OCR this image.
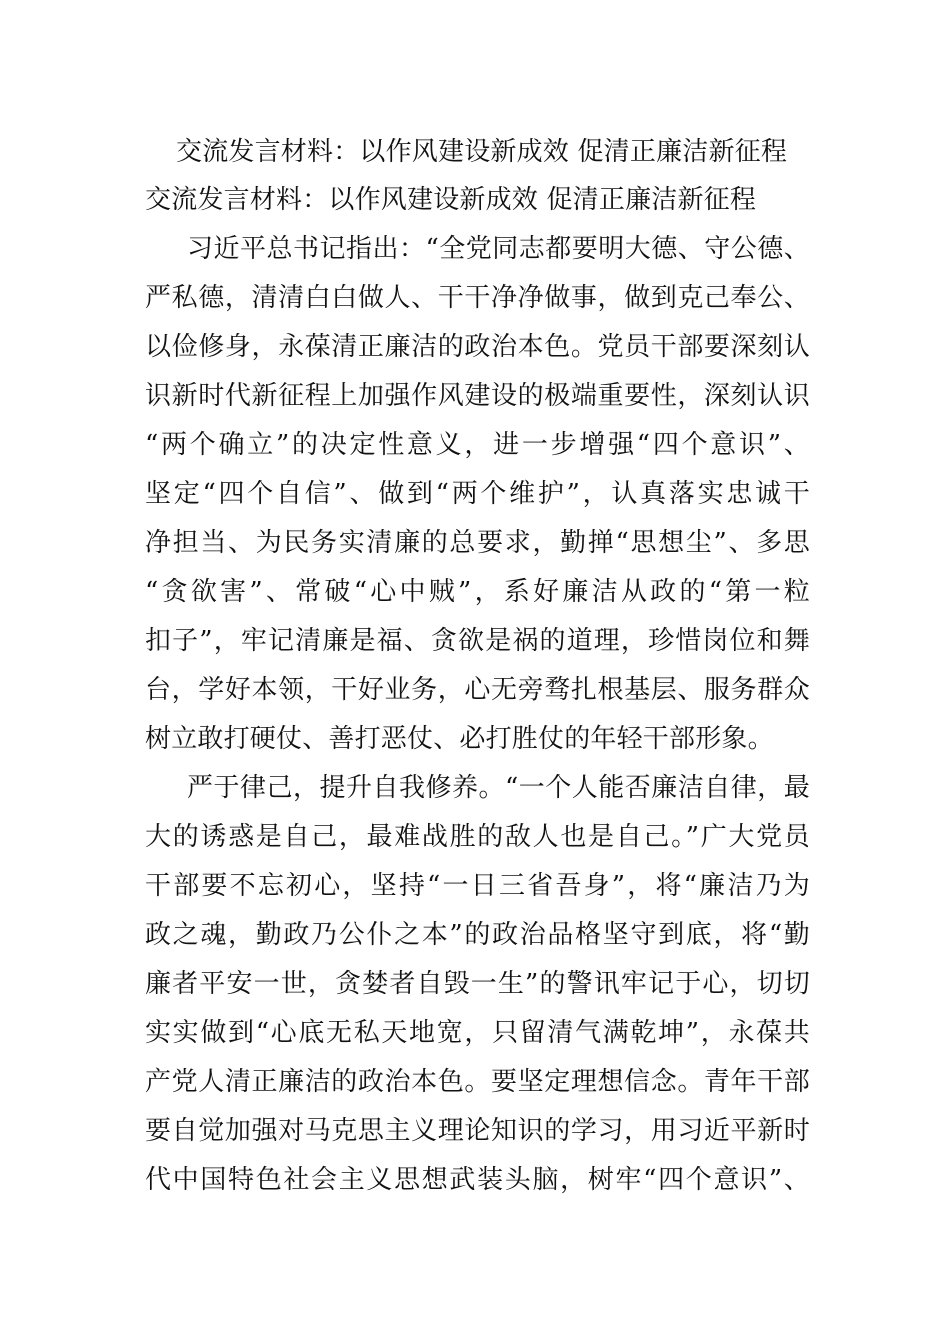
交流发言材料：以作风建设新成效 促清正廉洁新征程
交流发言材料：以作风建设新成效 促清正廉洁新征程
习近平总书记指出：“全党同志都要明大德、守公德、
严私德，清清白白做人、干干净净做事，做到克己奉公、
以俭修身，永葆清正廉洁的政治本色。党员干部要深刻认
识新时代新征程上加强作风建设的极端重要性，深刻认识
“两个确立”的决定性意义，进一步增强“四个意识”、
坚定“四个自信”、做到“两个维护”，认真落实忠诚干
净担当、为民务实清廉的总要求，勤掸“思想尘”、多思
“贪欲害”、常破“心中贼”，系好廉洁从政的“第一粒
扣子”，牢记清廉是福、贪欲是祸的道理，珍惜岗位和舞
台，学好本领，干好业务，心无旁骛扎根基层、服务群众
树立敢打硬仗、善打恶仗、必打胜仗的年轻干部形象。
严于律己，提升自我修养。“一个人能否廉洁自律，最
大的诱惑是自己，最难战胜的敌人也是自己。”广大党员
干部要不忘初心，坚持“一日三省吾身”，将“廉洁乃为
政之魂，勤政乃公仆之本”的政治品格坚守到底，将“勤
廉者平安一世，贪婪者自毁一生”的警讯牢记于心，切切
实实做到“心底无私天地宽，只留清气满乾坤”，永葆共
产党人清正廉洁的政治本色。要坚定理想信念。青年干部
要自觉加强对马克思主义理论知识的学习，用习近平新时
代中国特色社会主义思想武装头脑，树牢“四个意识”、
